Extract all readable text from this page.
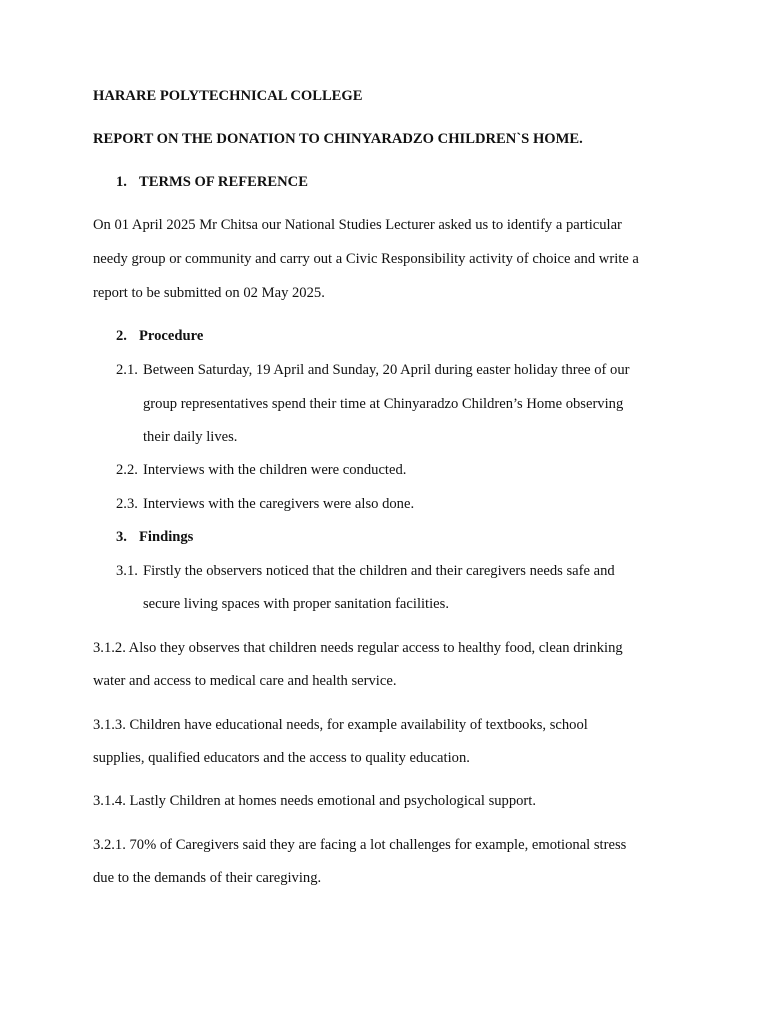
HARARE POLYTECHNICAL COLLEGE
REPORT ON THE DONATION TO CHINYARADZO CHILDREN`S HOME.
1. TERMS OF REFERENCE
On 01 April 2025 Mr Chitsa our National Studies Lecturer asked us to identify a particular
needy group or community and carry out a Civic Responsibility activity of choice and write a
report to be submitted on 02 May 2025.
2. Procedure
2.1. Between Saturday, 19 April and Sunday, 20 April during easter holiday three of our
group representatives spend their time at Chinyaradzo Children’s Home observing
their daily lives.
2.2. Interviews with the children were conducted.
2.3. Interviews with the caregivers were also done.
3. Findings
3.1. Firstly the observers noticed that the children and their caregivers needs safe and
secure living spaces with proper sanitation facilities.
3.1.2. Also they observes that children needs regular access to healthy food, clean drinking
water and access to medical care and health service.
3.1.3. Children have educational needs, for example availability of textbooks, school
supplies, qualified educators and the access to quality education.
3.1.4. Lastly Children at homes needs emotional and psychological support.
3.2.1. 70% of Caregivers said they are facing a lot challenges for example, emotional stress
due to the demands of their caregiving.
